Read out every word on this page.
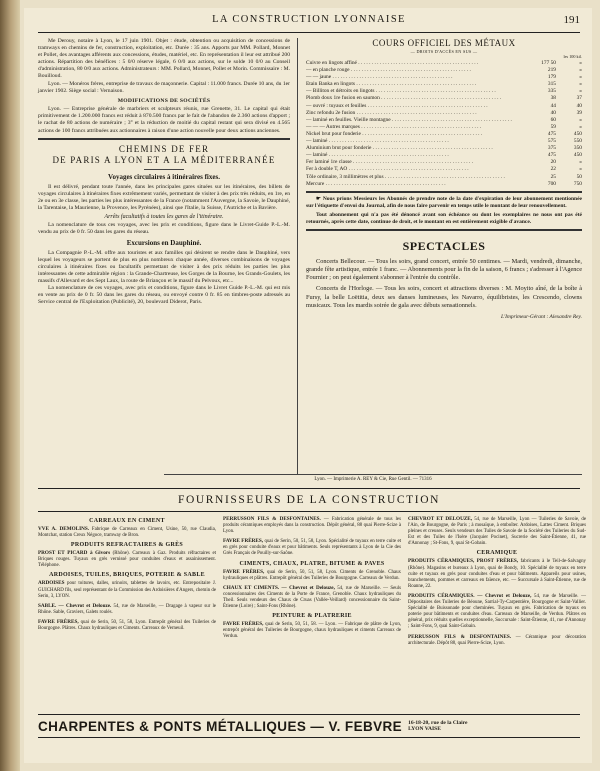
LA CONSTRUCTION LYONNAISE	191

Me Derouy, notaire à Lyon, le 17 juin 1901. Objet : étude, obtention ou acquisition de concessions de tramways en chemins de fer, construction, exploitation, etc. Durée : 35 ans. Apports par MM. Pollard, Monnet et Pollet, des avantages afférents aux concessions, études, matériel, etc. En représentation il leur est attribué 200 actions. Répartition des bénéfices : 5 0/0 réserve légale, 6 0/0 aux actions, sur le solde 10 0/0 au Conseil d'administration, 80 0/0 aux actions. Administrateurs : MM. Pollard, Monnet, Pollet et Morin. Commissaire : M. Bouilloud.

Lyon. — Monéros frères, entreprise de travaux de maçonnerie. Capital : 11.000 francs. Durée 10 ans, du 1er janvier 1902. Siège social : Vernaison.

MODIFICATIONS DE SOCIÉTÉS

Lyon. — Entreprise générale de marbriers et sculpteurs réunis, rue Grenette, 31. Le capital qui était primitivement de 1.200.000 francs est réduit à 870.500 francs par le fait de l'abandon de 2.360 actions d'apport ; le rachat de 80 actions de numéraire ; 3° et la réduction de moitié du capital restant qui sera divisé en 4.565 actions de 100 francs attribuées aux actionnaires à raison d'une action nouvelle pour deux actions anciennes.

CHEMINS DE FER
DE PARIS A LYON ET A LA MÉDITERRANÉE
Voyages circulaires à itinéraires fixes.

Il est délivré, pendant toute l'année, dans les principales gares situées sur les itinéraires, des billets de voyages circulaires à itinéraires fixes extrêmement variés, permettant de visiter à des prix très réduits, en 1re, en 2e ou en 3e classe, les parties les plus intéressantes de la France (notamment l'Auvergne, la Savoie, le Dauphiné, la Tarentaise, la Maurienne, la Provence, les Pyrénées), ainsi que l'Italie, la Suisse, l'Autriche et la Bavière.

Arrêts facultatifs à toutes les gares de l'itinéraire.

La nomenclature de tous ces voyages, avec les prix et conditions, figure dans le Livret-Guide P.-L.-M. vendu au prix de 0 fr. 50 dans les gares du réseau.

Excursions en Dauphiné.

La Compagnie P.-L.-M. offre aux touristes et aux familles qui désirent se rendre dans le Dauphiné, vers lequel les voyageurs se portent de plus en plus nombreux chaque année, diverses combinaisons de voyages circulaires à itinéraires fixes ou facultatifs permettant de visiter à des prix réduits les parties les plus intéressantes de cette admirable région : la Grande-Chartreuse, les Gorges de la Bourne, les Grands-Goulets, les massifs d'Allevard et des Sept Laux, la route de Briançon et le massif du Pelvoux, etc...

La nomenclature de ces voyages, avec prix et conditions, figure dans le Livret Guide P.-L.-M. qui est mis en vente au prix de 0 fr. 50 dans les gares du réseau, ou envoyé contre 0 fr. 85 en timbres-poste adressés au Service central de l'Exploitation (Publicité), 20, boulevard Diderot, Paris.

COURS OFFICIEL DES MÉTAUX
— DROITS D'ACCÈS EN SUS —
les 100 kil.
Cuivre en lingots affiné . . .	177 50	»
— en planche rouge . . .	219	»
— — jaune . . .	179	»
Etain Banka en lingots . . .	315	»
— Billiton et détroits en lingots . . .	335	»
Plomb doux 1re fusion en saumon . . .	38	37
— ouvré : tuyaux et feuilles . . .	44	40
Zinc refondu 2e fusion . . .	40	39
— laminé en feuilles. Vieille montagne . . .	60	»
— — — Autres marques . . .	59	»
Nickel brut pour fonderie . . .	475	450
— laminé . . .	575	550
Aluminium brut pour fonderie . . .	375	350
— laminé . . .	475	450
Fer laminé 1re classe . . .	20	»
Fer à double T, AO . . .	22	»
Tôle ordinaire, 3 millimètres et plus . . .	25	50
Mercure . . .	700	750

☛ Nous prions Messieurs les Abonnés de prendre note de la date d'expiration de leur abonnement mentionnée sur l'étiquette d'envoi du Journal, afin de nous faire parvenir en temps utile le montant de leur renouvellement.

Tout abonnement qui n'a pas été dénoncé avant son échéance ou dont les exemplaires ne nous ont pas été retournés, après cette date, continue de droit, et le montant en est entièrement exigible d'avance.

SPECTACLES

Concerts Bellecour. — Tous les soirs, grand concert, entrée 50 centimes. — Mardi, vendredi, dimanche, grande fête artistique, entrée 1 franc. — Abonnements pour la fin de la saison, 6 francs ; s'adresser à l'Agence Fournier ; on peut également s'abonner à l'entrée du contrôle.

Concerts de l'Horloge. — Tous les soirs, concert et attractions diverses : M. Moyito aîné, de la boîte à Fursy, la belle Loëtitia, deux ses danses lumineuses, les Navarro, équilibristes, les Crescendo, clowns musicaux. Tous les mardis soirée de gala avec débuts sensationnels.

L'Imprimeur-Gérant : Alexandre Rey.
Lyon. — Imprimerie A. REY & Cie, Rue Gentil. — 71316
FOURNISSEURS DE LA CONSTRUCTION
CARREAUX EN CIMENT
VVE A. DEMOLINS. Fabrique de Carreaux en Ciment, Usine, 50, rue Claudia, Montchat, station Creux Négoce, tramway de Bron.
PRODUITS REFRACTAIRES & GRÈS
PROST ET PICARD à Givors (Rhône). Carreaux à Gaz. Produits réfractaires et Briques rouges. Tuyaux en grès vernissé pour conduites d'eaux et assainissement. Téléphone.
ARDOISES, TUILES, BRIQUES, POTERIE & SABLE
ARDOISES pour toitures, dalles, urinoirs, tablettes de lavoirs, etc. Entrepositaire J. GUICHARD fils, seul représentant de la Commission des Ardoisières d'Angers, chemin de Serin, 3, LYON.
SABLE. — Chevrot et Delouze. 54, rue de Marseille, — Dragage à vapeur sur le Rhône. Sable, Graviers, Galets roulés.
FAVRE FRÈRES, quai de Serin, 50, 51, 58, Lyon. Entrepôt général des Tuileries de Bourgogne. Plâtres. Chaux hydrauliques et Ciments. Carreaux de Verneuil.
PERRUSSON FILS & DESFONTAINES. — Fabrication générale de tous les produits céramiques employés dans la construction. Dépôt général, 88 quai Pierre-Scize à Lyon.
FAVRE FRÈRES, quai de Serin, 50, 51, 58, Lyon. Spécialité de tuyaux en terre cuite et en grès pour conduite d'eaux et pour bâtiments. Seuls représentants à Lyon de la Cie des Grès Français de Pouilly-sur-Saône.
CIMENTS, CHAUX, PLATRE, BITUME & PAVES
FAVRE FRÈRES, quai de Serin, 50, 51, 58, Lyon. Ciments de Grenoble. Chaux hydrauliques et plâtres. Entrepôt général des Tuileries de Bourgogne. Carreaux de Verdun.
CHAUX ET CIMENTS. — Chevrot et Delouze, 54, rue de Marseille. — Seuls concessionnaires des Ciments de la Porte de France, Grenoble. Chaux hydrauliques du Theil. Seuls vendeurs des Chaux de Cruas (Vallée-Veillard) concessionnaire du Saint-Étienne (Loire) ; Saint-Fons (Rhône).
PEINTURE & PLATRERIE
FAVRE FRÈRES, quai de Serin, 50, 51, 58. — Lyon. — Fabrique de plâtre de Lyon, entrepôt général des Tuileries de Bourgogne, chaux hydrauliques et ciments Carreaux de Verdun.
CHEVROT ET DELOUZE, 54, rue de Marseille, Lyon — Tuileries de Savoie, de l'Ain, de Bourgogne, de Paris ; à mosaïque, à emboîter. Ardoises, Lattes Ciment. Briques pleines et creuses. Seuls vendeurs des Tuiles de Savoie de la Société des Tuileries du Sud-Est et des Tuiles de l'Isère (Jacquier Pocinet), Sucrerie des Saint-Étienne, 41, rue d'Annonay ; St-Fons, 9, quai St-Gobain.
CERAMIQUE
PRODUITS CÉRAMIQUES, PROST FRÈRES, fabricants à le Teil-de-Salvagny (Rhône). Magasins et bureaux à Lyon, quai de Bondy, 10. Spécialité de tuyaux en terre cuite et tuyaux en grès pour conduites d'eau et pour bâtiments. Appareils pour usines, branchements, pommes et carreaux en faïence, etc. — Succursale à Saint-Étienne, rue de Roanne, 22.
PRODUITS CÉRAMIQUES. — Chevrot et Delouze, 54, rue de Marseille. — Dépositaires des Tuileries de Béoune, Sarrial-Ty-Carpentière, Bourgogne et Saint-Vallier. Spécialité de Buissonade pour cheminées. Tuyaux en grès. Fabrication de tuyaux en poterie pour bâtiments et conduites d'eau. Carreaux de Marseille, de Verdun. Plâtres en général, prix réduits quelles exceptionnelle, Succursale : Saint-Étienne, 41, rue d'Annonay ; Saint-Fons, 9, quai Saint-Gobain.
PERRUSSON FILS & DESFONTAINES. — Céramique pour décoration architecturale. Dépôt 88, quai Pierre-Scize, Lyon.
CHARPENTES & PONTS MÉTALLIQUES — V. FEBVRE 16-18-20, rue de la Claire
LYON VAISE
